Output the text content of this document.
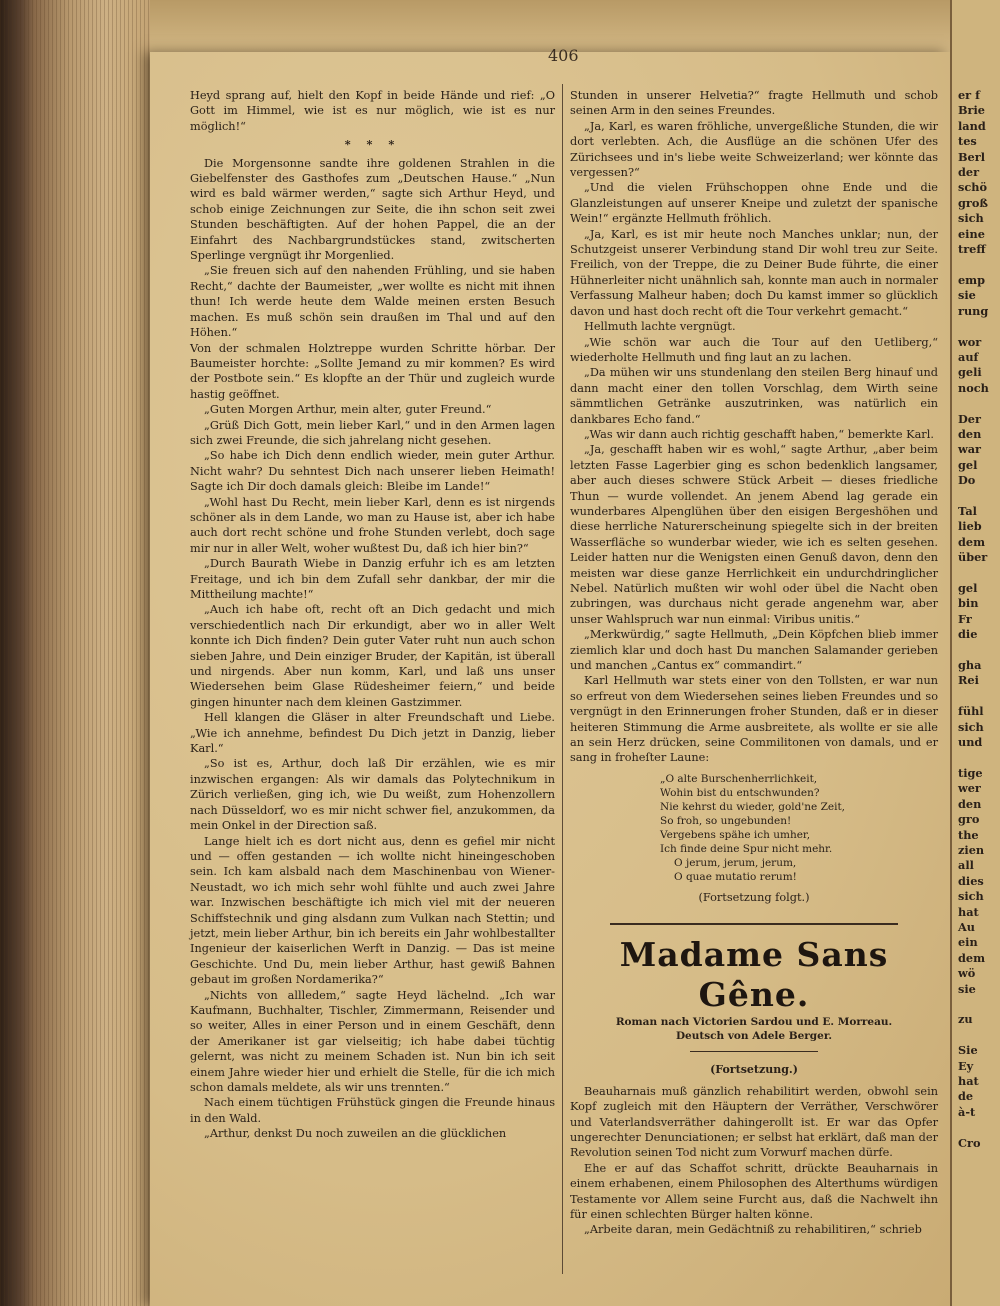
406

Heyd sprang auf, hielt den Kopf in beide Hände und rief: „O Gott im Himmel, wie ist es nur möglich, wie ist es nur möglich!“

* * *

Die Morgensonne sandte ihre goldenen Strahlen in die Giebelfenster des Gasthofes zum „Deutschen Hause.“ „Nun wird es bald wärmer werden,“ sagte sich Arthur Heyd, und schob einige Zeichnungen zur Seite, die ihn schon seit zwei Stunden beschäftigten. Auf der hohen Pappel, die an der Einfahrt des Nachbargrundstückes stand, zwitscherten Sperlinge vergnügt ihr Morgenlied.

„Sie freuen sich auf den nahenden Frühling, und sie haben Recht,“ dachte der Baumeister, „wer wollte es nicht mit ihnen thun! Ich werde heute dem Walde meinen ersten Besuch machen. Es muß schön sein draußen im Thal und auf den Höhen.“

Von der schmalen Holztreppe wurden Schritte hörbar. Der Baumeister horchte: „Sollte Jemand zu mir kommen? Es wird der Postbote sein.“ Es klopfte an der Thür und zugleich wurde hastig geöffnet.

„Guten Morgen Arthur, mein alter, guter Freund.“

„Grüß Dich Gott, mein lieber Karl,“ und in den Armen lagen sich zwei Freunde, die sich jahrelang nicht gesehen.

„So habe ich Dich denn endlich wieder, mein guter Arthur. Nicht wahr? Du sehntest Dich nach unserer lieben Heimath! Sagte ich Dir doch damals gleich: Bleibe im Lande!“

„Wohl hast Du Recht, mein lieber Karl, denn es ist nirgends schöner als in dem Lande, wo man zu Hause ist, aber ich habe auch dort recht schöne und frohe Stunden verlebt, doch sage mir nur in aller Welt, woher wußtest Du, daß ich hier bin?“

„Durch Baurath Wiebe in Danzig erfuhr ich es am letzten Freitage, und ich bin dem Zufall sehr dankbar, der mir die Mittheilung machte!“

„Auch ich habe oft, recht oft an Dich gedacht und mich verschiedentlich nach Dir erkundigt, aber wo in aller Welt konnte ich Dich finden? Dein guter Vater ruht nun auch schon sieben Jahre, und Dein einziger Bruder, der Kapitän, ist überall und nirgends. Aber nun komm, Karl, und laß uns unser Wiedersehen beim Glase Rüdesheimer feiern,“ und beide gingen hinunter nach dem kleinen Gastzimmer.

Hell klangen die Gläser in alter Freundschaft und Liebe. „Wie ich annehme, befindest Du Dich jetzt in Danzig, lieber Karl.“

„So ist es, Arthur, doch laß Dir erzählen, wie es mir inzwischen ergangen: Als wir damals das Polytechnikum in Zürich verließen, ging ich, wie Du weißt, zum Hohenzollern nach Düsseldorf, wo es mir nicht schwer fiel, anzukommen, da mein Onkel in der Direction saß.

Lange hielt ich es dort nicht aus, denn es gefiel mir nicht und — offen gestanden — ich wollte nicht hineingeschoben sein. Ich kam alsbald nach dem Maschinenbau von Wiener-Neustadt, wo ich mich sehr wohl fühlte und auch zwei Jahre war. Inzwischen beschäftigte ich mich viel mit der neueren Schiffstechnik und ging alsdann zum Vulkan nach Stettin; und jetzt, mein lieber Arthur, bin ich bereits ein Jahr wohlbestallter Ingenieur der kaiserlichen Werft in Danzig. — Das ist meine Geschichte. Und Du, mein lieber Arthur, hast gewiß Bahnen gebaut im großen Nordamerika?“

„Nichts von allledem,“ sagte Heyd lächelnd. „Ich war Kaufmann, Buchhalter, Tischler, Zimmermann, Reisender und so weiter, Alles in einer Person und in einem Geschäft, denn der Amerikaner ist gar vielseitig; ich habe dabei tüchtig gelernt, was nicht zu meinem Schaden ist. Nun bin ich seit einem Jahre wieder hier und erhielt die Stelle, für die ich mich schon damals meldete, als wir uns trennten.“

Nach einem tüchtigen Frühstück gingen die Freunde hinaus in den Wald.

„Arthur, denkst Du noch zuweilen an die glücklichen

Stunden in unserer Helvetia?“ fragte Hellmuth und schob seinen Arm in den seines Freundes.

„Ja, Karl, es waren fröhliche, unvergeßliche Stunden, die wir dort verlebten. Ach, die Ausflüge an die schönen Ufer des Zürichsees und in's liebe weite Schweizerland; wer könnte das vergessen?“

„Und die vielen Frühschoppen ohne Ende und die Glanzleistungen auf unserer Kneipe und zuletzt der spanische Wein!“ ergänzte Hellmuth fröhlich.

„Ja, Karl, es ist mir heute noch Manches unklar; nun, der Schutzgeist unserer Verbindung stand Dir wohl treu zur Seite. Freilich, von der Treppe, die zu Deiner Bude führte, die einer Hühnerleiter nicht unähnlich sah, konnte man auch in normaler Verfassung Malheur haben; doch Du kamst immer so glücklich davon und hast doch recht oft die Tour verkehrt gemacht.“

Hellmuth lachte vergnügt.

„Wie schön war auch die Tour auf den Uetliberg,“ wiederholte Hellmuth und fing laut an zu lachen.

„Da mühen wir uns stundenlang den steilen Berg hinauf und dann macht einer den tollen Vorschlag, dem Wirth seine sämmtlichen Getränke auszutrinken, was natürlich ein dankbares Echo fand.“

„Was wir dann auch richtig geschafft haben,“ bemerkte Karl.

„Ja, geschafft haben wir es wohl,“ sagte Arthur, „aber beim letzten Fasse Lagerbier ging es schon bedenklich langsamer, aber auch dieses schwere Stück Arbeit — dieses friedliche Thun — wurde vollendet. An jenem Abend lag gerade ein wunderbares Alpenglühen über den eisigen Bergeshöhen und diese herrliche Naturerscheinung spiegelte sich in der breiten Wasserfläche so wunderbar wieder, wie ich es selten gesehen. Leider hatten nur die Wenigsten einen Genuß davon, denn den meisten war diese ganze Herrlichkeit ein undurchdringlicher Nebel. Natürlich mußten wir wohl oder übel die Nacht oben zubringen, was durchaus nicht gerade angenehm war, aber unser Wahlspruch war nun einmal: Viribus unitis.“

„Merkwürdig,“ sagte Hellmuth, „Dein Köpfchen blieb immer ziemlich klar und doch hast Du manchen Salamander gerieben und manchen „Cantus ex“ commandirt.“

Karl Hellmuth war stets einer von den Tollsten, er war nun so erfreut von dem Wiedersehen seines lieben Freundes und so vergnügt in den Erinnerungen froher Stunden, daß er in dieser heiteren Stimmung die Arme ausbreitete, als wollte er sie alle an sein Herz drücken, seine Commilitonen von damals, und er sang in froheſter Laune:

„O alte Burschenherrlichkeit,
Wohin bist du entschwunden?
Nie kehrst du wieder, gold'ne Zeit,
So froh, so ungebunden!
Vergebens spähe ich umher,
Ich finde deine Spur nicht mehr.
O jerum, jerum, jerum,
O quae mutatio rerum!
(Fortsetzung folgt.)
Madame Sans Gêne.
Roman nach Victorien Sardou und E. Morreau.
Deutsch von Adele Berger.
(Fortsetzung.)

Beauharnais muß gänzlich rehabilitirt werden, obwohl sein Kopf zugleich mit den Häuptern der Verräther, Verschwörer und Vaterlandsverräther dahingerollt ist. Er war das Opfer ungerechter Denunciationen; er selbst hat erklärt, daß man der Revolution seinen Tod nicht zum Vorwurf machen dürfe.

Ehe er auf das Schaffot schritt, drückte Beauharnais in einem erhabenen, einem Philosophen des Alterthums würdigen Testamente vor Allem seine Furcht aus, daß die Nachwelt ihn für einen schlechten Bürger halten könne.

„Arbeite daran, mein Gedächtniß zu rehabilitiren,“ schrieb

er f
Brie
land
tes
Berl
der
schö
groß
sich
eine
treff

emp
sie
rung

wor
auf
geli
noch

Der
den
war
gel
Do

Tal
lieb
dem
über

gel
bin
Fr
die

gha
Rei

fühl
sich
und

tige
wer
den
gro
the
zien
all
dies
sich
hat
Au
ein
dem
wö
sie

zu

Sie
Ey
hat
de
à-t

Cro
